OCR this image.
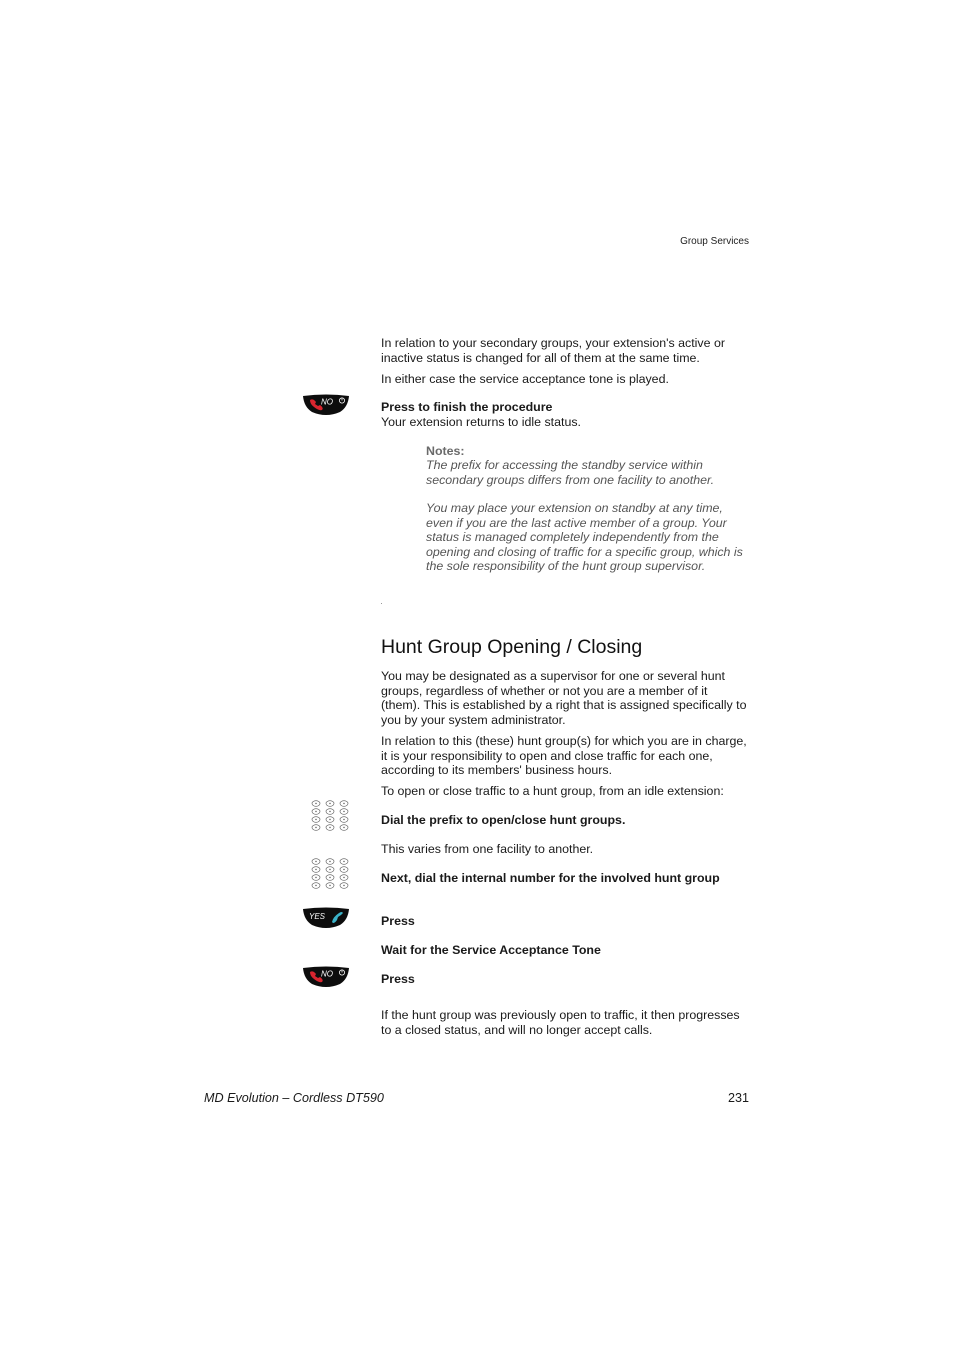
Group Services
In relation to your secondary groups, your extension's active or inactive status is changed for all of them at the same time.
In either case the service acceptance tone is played.
NO	Press to finish the procedure
Your extension returns to idle status.
Notes:
The prefix for accessing the standby service within secondary groups differs from one facility to another.
You may place your extension on standby at any time, even if you are the last active member of a group. Your status is managed completely independently from the opening and closing of traffic for a specific group, which is the sole responsibility of the hunt group supervisor.
Hunt Group Opening / Closing
You may be designated as a supervisor for one or several hunt groups, regardless of whether or not you are a member of it (them). This is established by a right that is assigned specifically to you by your system administrator.
In relation to this (these) hunt group(s) for which you are in charge, it is your responsibility to open and close traffic for each one, according to its members' business hours.
To open or close traffic to a hunt group, from an idle extension:
Dial the prefix to open/close hunt groups.
This varies from one facility to another.
Next, dial the internal number for the involved hunt group
YES	Press
Wait for the Service Acceptance Tone
NO	Press
If the hunt group was previously open to traffic, it then progresses to a closed status, and will no longer accept calls.
MD Evolution – Cordless DT590	231
